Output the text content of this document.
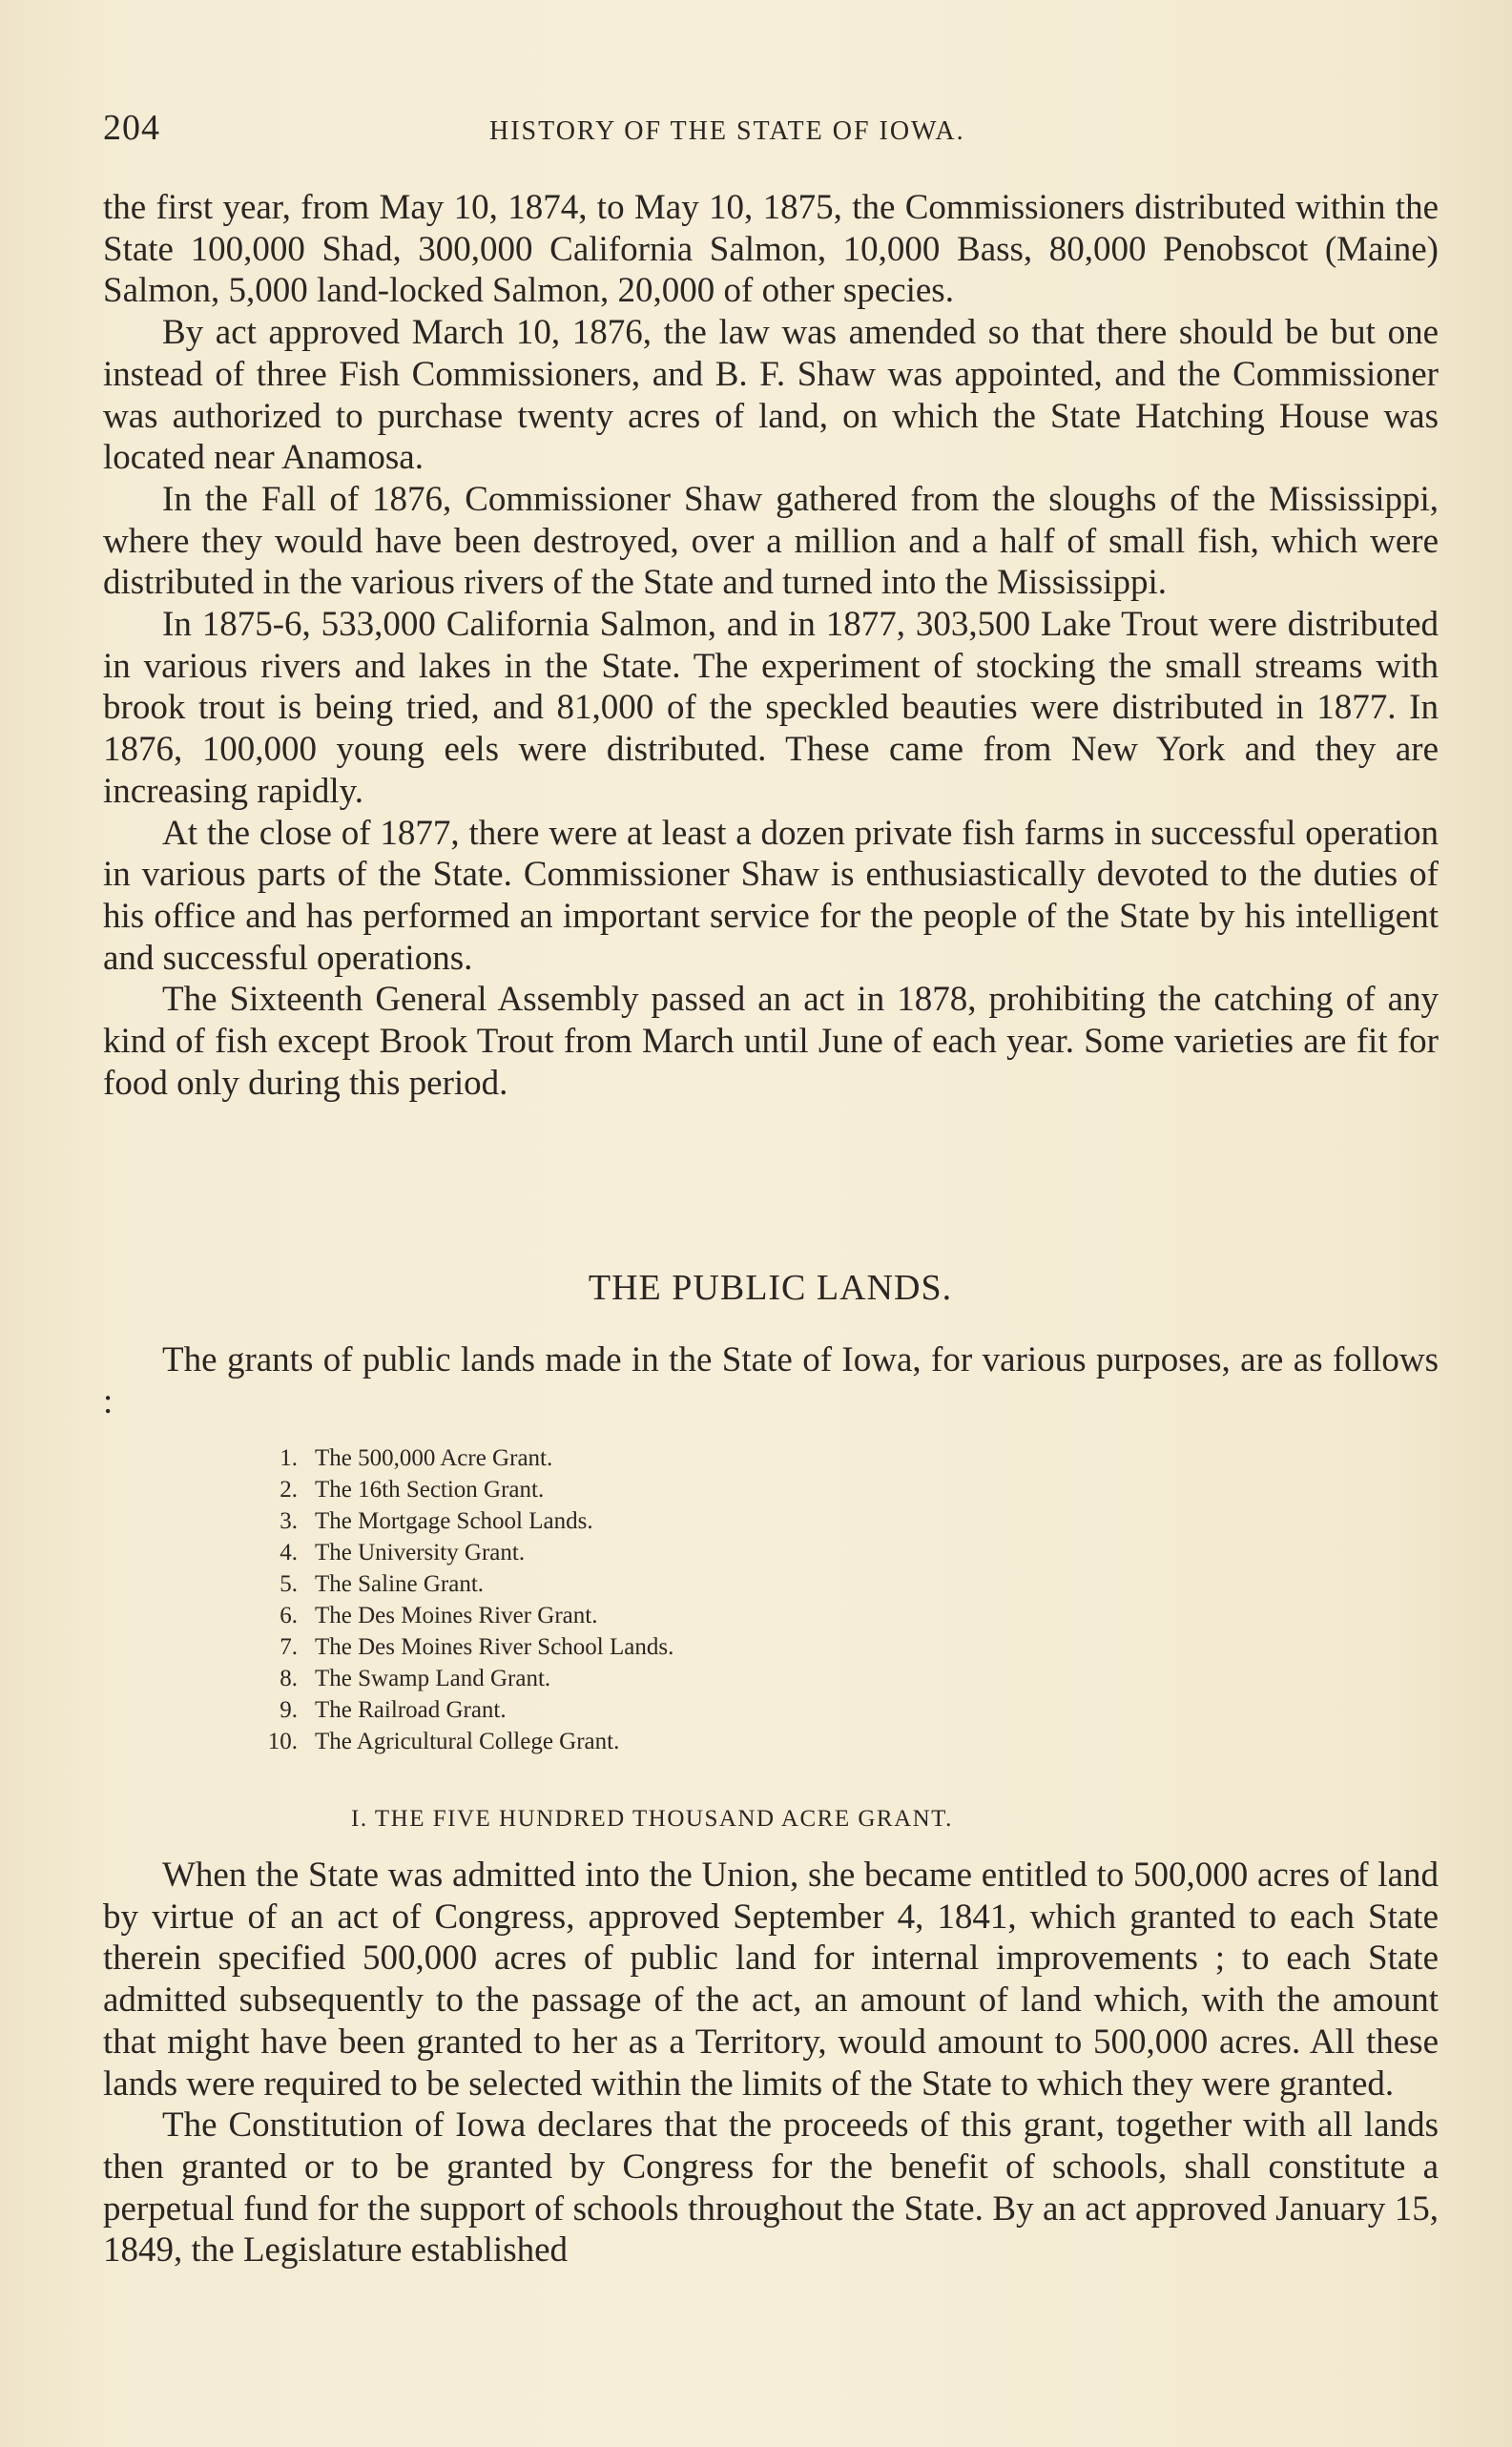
204	HISTORY OF THE STATE OF IOWA.

the first year, from May 10, 1874, to May 10, 1875, the Commissioners distributed within the State 100,000 Shad, 300,000 California Salmon, 10,000 Bass, 80,000 Penobscot (Maine) Salmon, 5,000 land-locked Salmon, 20,000 of other species.

By act approved March 10, 1876, the law was amended so that there should be but one instead of three Fish Commissioners, and B. F. Shaw was appointed, and the Commissioner was authorized to purchase twenty acres of land, on which the State Hatching House was located near Anamosa.

In the Fall of 1876, Commissioner Shaw gathered from the sloughs of the Mississippi, where they would have been destroyed, over a million and a half of small fish, which were distributed in the various rivers of the State and turned into the Mississippi.

In 1875-6, 533,000 California Salmon, and in 1877, 303,500 Lake Trout were distributed in various rivers and lakes in the State. The experiment of stocking the small streams with brook trout is being tried, and 81,000 of the speckled beauties were distributed in 1877. In 1876, 100,000 young eels were distributed. These came from New York and they are increasing rapidly.

At the close of 1877, there were at least a dozen private fish farms in successful operation in various parts of the State. Commissioner Shaw is enthusiastically devoted to the duties of his office and has performed an important service for the people of the State by his intelligent and successful operations.

The Sixteenth General Assembly passed an act in 1878, prohibiting the catching of any kind of fish except Brook Trout from March until June of each year. Some varieties are fit for food only during this period.

THE PUBLIC LANDS.

The grants of public lands made in the State of Iowa, for various purposes, are as follows :

1. The 500,000 Acre Grant.
2. The 16th Section Grant.
3. The Mortgage School Lands.
4. The University Grant.
5. The Saline Grant.
6. The Des Moines River Grant.
7. The Des Moines River School Lands.
8. The Swamp Land Grant.
9. The Railroad Grant.
10. The Agricultural College Grant.
I. THE FIVE HUNDRED THOUSAND ACRE GRANT.

When the State was admitted into the Union, she became entitled to 500,000 acres of land by virtue of an act of Congress, approved September 4, 1841, which granted to each State therein specified 500,000 acres of public land for internal improvements ; to each State admitted subsequently to the passage of the act, an amount of land which, with the amount that might have been granted to her as a Territory, would amount to 500,000 acres. All these lands were required to be selected within the limits of the State to which they were granted.

The Constitution of Iowa declares that the proceeds of this grant, together with all lands then granted or to be granted by Congress for the benefit of schools, shall constitute a perpetual fund for the support of schools throughout the State. By an act approved January 15, 1849, the Legislature established
